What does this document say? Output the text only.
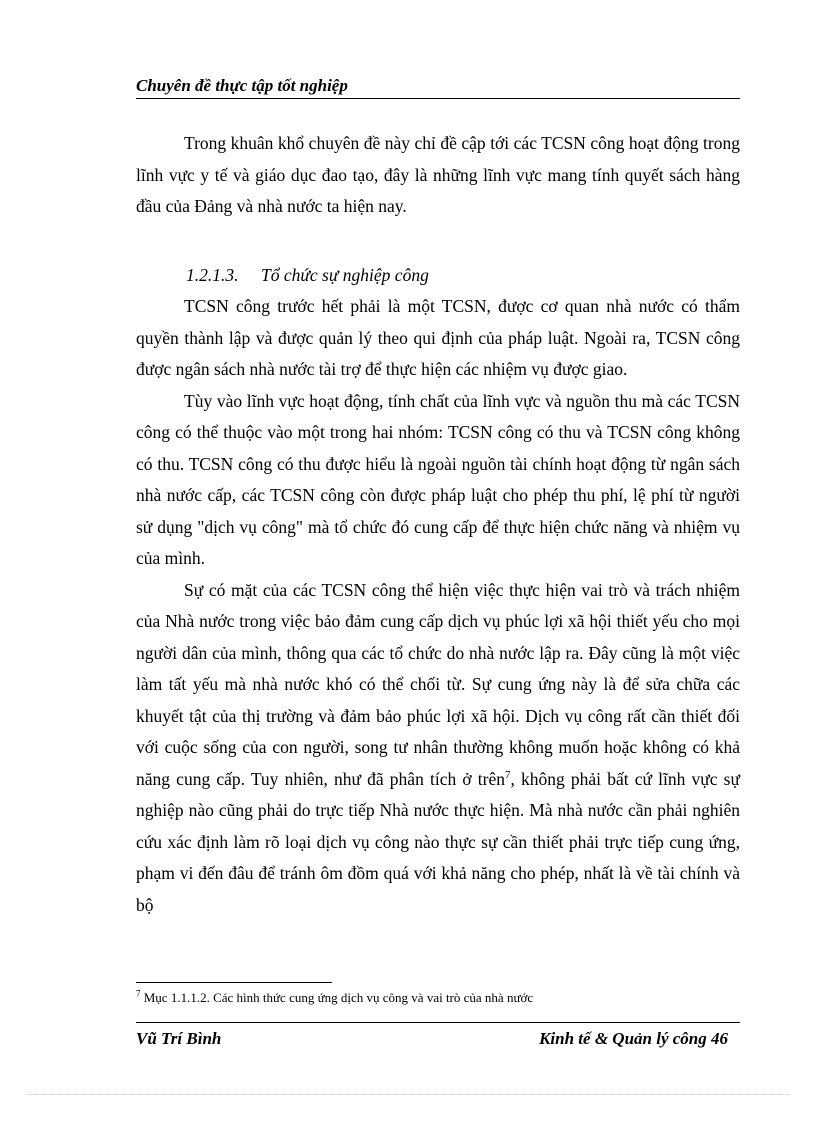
Chuyên đề thực tập tốt nghiệp

Trong khuân khổ chuyên đề này chỉ đề cập tới các TCSN công hoạt động trong lĩnh vực y tế và giáo dục đao tạo, đây là những lĩnh vực mang tính quyết sách hàng đầu của Đảng và nhà nước ta hiện nay.

1.2.1.3. Tổ chức sự nghiệp công

TCSN công trước hết phải là một TCSN, được cơ quan nhà nước có thẩm quyền thành lập và được quản lý theo qui định của pháp luật. Ngoài ra, TCSN công được ngân sách nhà nước tài trợ để thực hiện các nhiệm vụ được giao.

Tùy vào lĩnh vực hoạt động, tính chất của lĩnh vực và nguồn thu mà các TCSN công có thể thuộc vào một trong hai nhóm: TCSN công có thu và TCSN công không có thu. TCSN công có thu được hiểu là ngoài nguồn tài chính hoạt động từ ngân sách nhà nước cấp, các TCSN công còn được pháp luật cho phép thu phí, lệ phí từ người sử dụng "dịch vụ công" mà tổ chức đó cung cấp để thực hiện chức năng và nhiệm vụ của mình.

Sự có mặt của các TCSN công thể hiện việc thực hiện vai trò và trách nhiệm của Nhà nước trong việc bảo đảm cung cấp dịch vụ phúc lợi xã hội thiết yếu cho mọi người dân của mình, thông qua các tổ chức do nhà nước lập ra. Đây cũng là một việc làm tất yếu mà nhà nước khó có thể chối từ. Sự cung ứng này là để sửa chữa các khuyết tật của thị trường và đảm bảo phúc lợi xã hội. Dịch vụ công rất cần thiết đối với cuộc sống của con người, song tư nhân thường không muốn hoặc không có khả năng cung cấp. Tuy nhiên, như đã phân tích ở trên$^7$, không phải bất cứ lĩnh vực sự nghiệp nào cũng phải do trực tiếp Nhà nước thực hiện. Mà nhà nước cần phải nghiên cứu xác định làm rõ loại dịch vụ công nào thực sự cần thiết phải trực tiếp cung ứng, phạm vi đến đâu để tránh ôm đồm quá với khả năng cho phép, nhất là về tài chính và bộ

$^7$ Mục 1.1.1.2. Các hình thức cung ứng dịch vụ công và vai trò của nhà nước
Vũ Trí Bình	Kinh tế & Quản lý công 46
